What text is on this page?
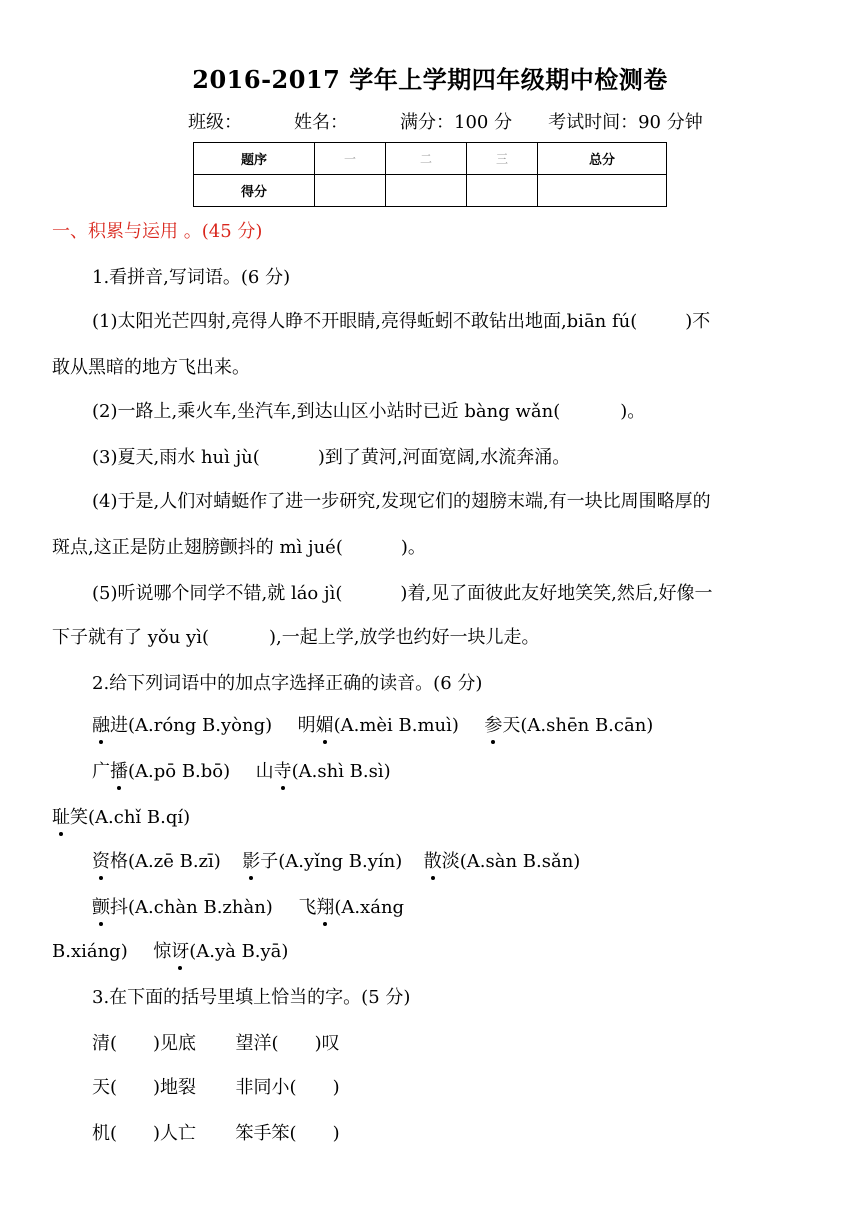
2016-2017 学年上学期四年级期中检测卷
班级：	姓名：	满分：100 分 考试时间：90 分钟
题序	一	二	三	总分
得分				
一、积累与运用 。(45 分)
1.看拼音,写词语。(6 分)
(1)太阳光芒四射,亮得人睁不开眼睛,亮得蚯蚓不敢钻出地面,biān fú(	)不
敢从黑暗的地方飞出来。
(2)一路上,乘火车,坐汽车,到达山区小站时已近 bàng wǎn(	)。
(3)夏天,雨水 huì jù(	)到了黄河,河面宽阔,水流奔涌。
(4)于是,人们对蜻蜓作了进一步研究,发现它们的翅膀末端,有一块比周围略厚的
斑点,这正是防止翅膀颤抖的 mì jué(	)。
(5)听说哪个同学不错,就 láo jì(	)着,见了面彼此友好地笑笑,然后,好像一
下子就有了 yǒu yì(	),一起上学,放学也约好一块儿走。
2.给下列词语中的加点字选择正确的读音。(6 分)
融进(A.róng B.yòng) 明媚(A.mèi B.muì) 参天(A.shēn B.cān)
广播(A.pō B.bō) 山寺(A.shì B.sì)
耻笑(A.chǐ B.qí)
资格(A.zē B.zī) 影子(A.yǐng B.yín) 散淡(A.sàn B.sǎn)
颤抖(A.chàn B.zhàn) 飞翔(A.xáng
B.xiáng) 惊讶(A.yà B.yā)
3.在下面的括号里填上恰当的字。(5 分)
清( )见底 望洋( )叹
天( )地裂 非同小( )
机( )人亡 笨手笨( )
